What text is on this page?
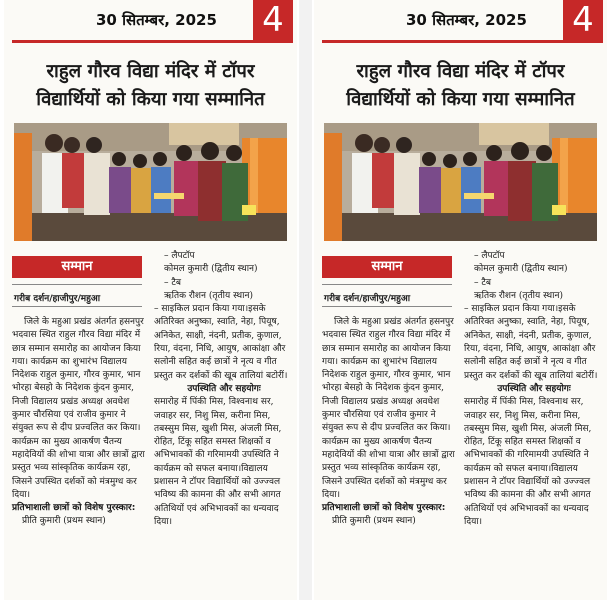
30 सितम्बर, 2025 4
राहुल गौरव विद्या मंदिर में टॉपर
विद्यार्थियों को किया गया सम्मानित
सम्मान
गरीब दर्शन/हाजीपुर/महुआ

जिले के महुआ प्रखंड अंतर्गत हसनपुर भदवास स्थित राहुल गौरव विद्या मंदिर में छात्र सम्मान समारोह का आयोजन किया गया। कार्यक्रम का शुभारंभ विद्यालय निदेशक राहुल कुमार, गौरव कुमार, भान भोरहा बेसहो के निदेशक कुंदन कुमार, निजी विद्यालय प्रखंड अध्यक्ष अवधेश कुमार चौरसिया एवं राजीव कुमार ने संयुक्त रूप से दीप प्रज्वलित कर किया।कार्यक्रम का मुख्य आकर्षण चैतन्य महादेवियों की शोभा यात्रा और छात्रों द्वारा प्रस्तुत भव्य सांस्कृतिक कार्यक्रम रहा, जिसने उपस्थित दर्शकों को मंत्रमुग्ध कर दिया।

प्रतिभाशाली छात्रों को विशेष पुरस्कार:

प्रीति कुमारी (प्रथम स्थान)

– लैपटॉप

कोमल कुमारी (द्वितीय स्थान)

– टैब

ऋतिक रौशन (तृतीय स्थान)

– साइकिल प्रदान किया गया।इसके अतिरिक्त अनुष्का, स्वाति, नेहा, पियूष, अनिकेत, साक्षी, नंदनी, प्रतीक, कुणाल, रिया, वंदना, निधि, आयुष, आकांक्षा और सलोनी सहित कई छात्रों ने नृत्य व गीत प्रस्तुत कर दर्शकों की खूब तालियां बटोरीं।

उपस्थिति और सहयोगः

समारोह में पिंकी मिस, विश्वनाथ सर, जवाहर सर, निशु मिस, करीना मिस, तबस्सुम मिस, खुशी मिस, अंजली मिस, रोहित, टिंकू सहित समस्त शिक्षकों व अभिभावकों की गरिमामयी उपस्थिति ने कार्यक्रम को सफल बनाया।विद्यालय प्रशासन ने टॉपर विद्यार्थियों को उज्ज्वल भविष्य की कामना की और सभी आगत अतिथियों एवं अभिभावकों का धन्यवाद दिया।

30 सितम्बर, 2025 4
राहुल गौरव विद्या मंदिर में टॉपर
विद्यार्थियों को किया गया सम्मानित
सम्मान
गरीब दर्शन/हाजीपुर/महुआ

जिले के महुआ प्रखंड अंतर्गत हसनपुर भदवास स्थित राहुल गौरव विद्या मंदिर में छात्र सम्मान समारोह का आयोजन किया गया। कार्यक्रम का शुभारंभ विद्यालय निदेशक राहुल कुमार, गौरव कुमार, भान भोरहा बेसहो के निदेशक कुंदन कुमार, निजी विद्यालय प्रखंड अध्यक्ष अवधेश कुमार चौरसिया एवं राजीव कुमार ने संयुक्त रूप से दीप प्रज्वलित कर किया।कार्यक्रम का मुख्य आकर्षण चैतन्य महादेवियों की शोभा यात्रा और छात्रों द्वारा प्रस्तुत भव्य सांस्कृतिक कार्यक्रम रहा, जिसने उपस्थित दर्शकों को मंत्रमुग्ध कर दिया।

प्रतिभाशाली छात्रों को विशेष पुरस्कार:

प्रीति कुमारी (प्रथम स्थान)

– लैपटॉप

कोमल कुमारी (द्वितीय स्थान)

– टैब

ऋतिक रौशन (तृतीय स्थान)

– साइकिल प्रदान किया गया।इसके अतिरिक्त अनुष्का, स्वाति, नेहा, पियूष, अनिकेत, साक्षी, नंदनी, प्रतीक, कुणाल, रिया, वंदना, निधि, आयुष, आकांक्षा और सलोनी सहित कई छात्रों ने नृत्य व गीत प्रस्तुत कर दर्शकों की खूब तालियां बटोरीं।

उपस्थिति और सहयोगः

समारोह में पिंकी मिस, विश्वनाथ सर, जवाहर सर, निशु मिस, करीना मिस, तबस्सुम मिस, खुशी मिस, अंजली मिस, रोहित, टिंकू सहित समस्त शिक्षकों व अभिभावकों की गरिमामयी उपस्थिति ने कार्यक्रम को सफल बनाया।विद्यालय प्रशासन ने टॉपर विद्यार्थियों को उज्ज्वल भविष्य की कामना की और सभी आगत अतिथियों एवं अभिभावकों का धन्यवाद दिया।
